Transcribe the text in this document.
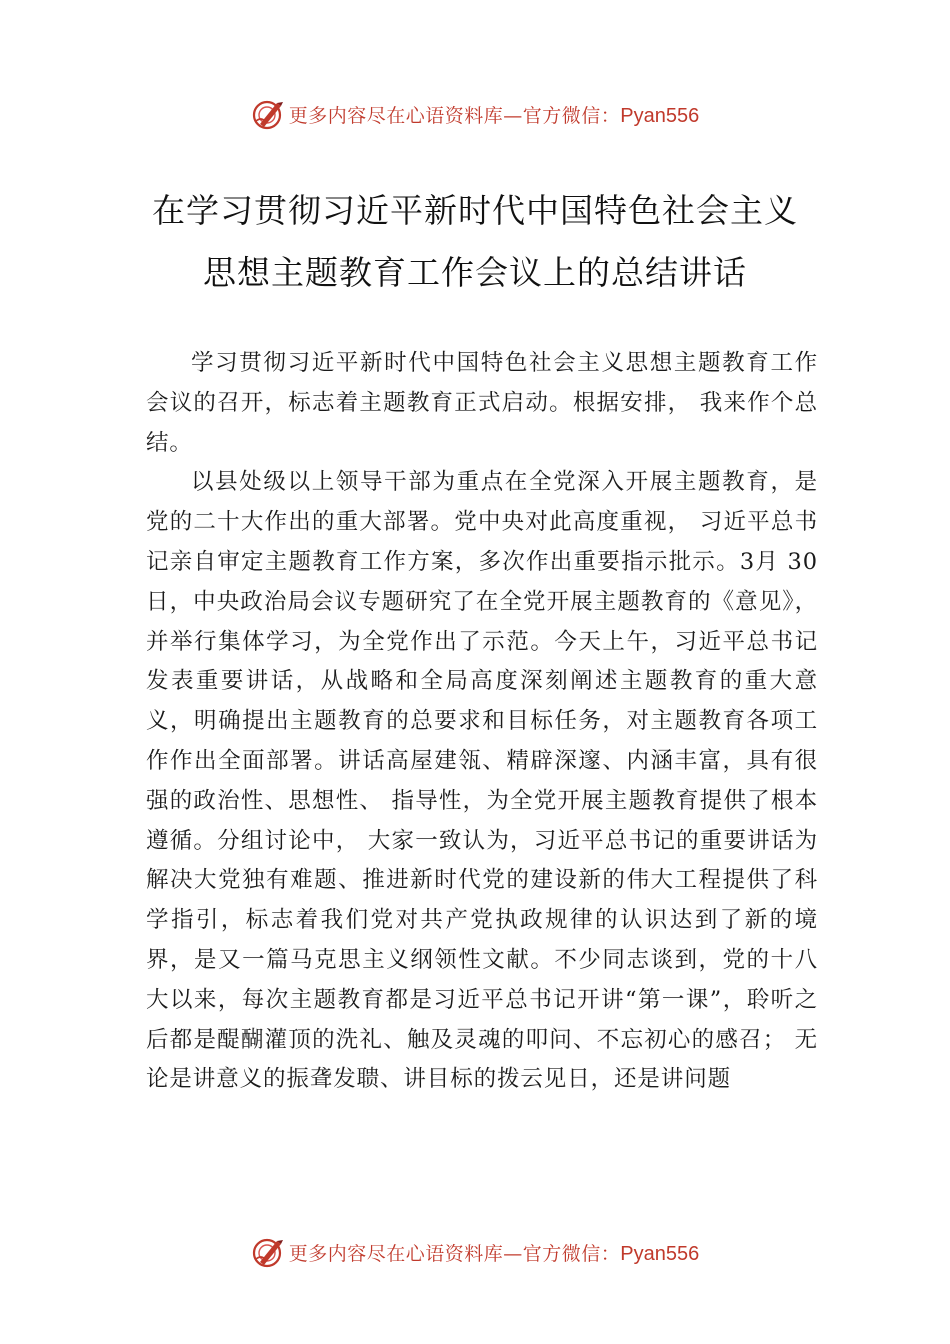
更多内容尽在心语资料库—官方微信：Pyan556
在学习贯彻习近平新时代中国特色社会主义思想主题教育工作会议上的总结讲话

学习贯彻习近平新时代中国特色社会主义思想主题教育工作会议的召开，标志着主题教育正式启动。根据安排， 我来作个总结。

以县处级以上领导干部为重点在全党深入开展主题教育，是党的二十大作出的重大部署。党中央对此高度重视， 习近平总书记亲自审定主题教育工作方案，多次作出重要指示批示。3月 30日，中央政治局会议专题研究了在全党开展主题教育的《意见》，并举行集体学习，为全党作出了示范。今天上午，习近平总书记发表重要讲话，从战略和全局高度深刻阐述主题教育的重大意义，明确提出主题教育的总要求和目标任务，对主题教育各项工作作出全面部署。讲话高屋建瓴、精辟深邃、内涵丰富，具有很强的政治性、思想性、 指导性，为全党开展主题教育提供了根本遵循。分组讨论中， 大家一致认为，习近平总书记的重要讲话为解决大党独有难题、推进新时代党的建设新的伟大工程提供了科学指引，标志着我们党对共产党执政规律的认识达到了新的境界，是又一篇马克思主义纲领性文献。不少同志谈到，党的十八大以来，每次主题教育都是习近平总书记开讲“第一课”，聆听之后都是醍醐灌顶的洗礼、触及灵魂的叩问、不忘初心的感召； 无论是讲意义的振聋发聩、讲目标的拨云见日，还是讲问题

更多内容尽在心语资料库—官方微信：Pyan556
